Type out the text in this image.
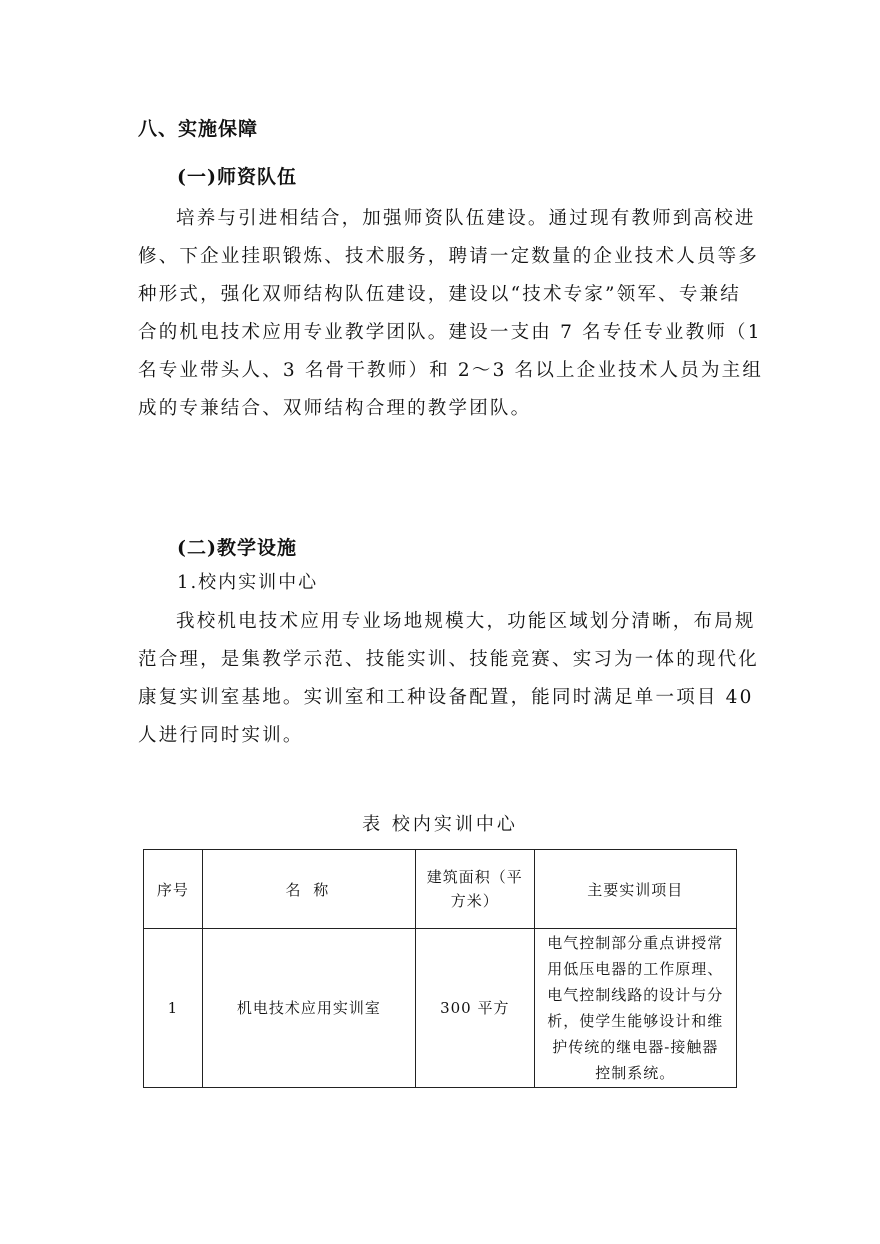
八、实施保障
(一)师资队伍

培养与引进相结合，加强师资队伍建设。通过现有教师到高校进

修、下企业挂职锻炼、技术服务，聘请一定数量的企业技术人员等多

种形式，强化双师结构队伍建设，建设以“技术专家”领军、专兼结

合的机电技术应用专业教学团队。建设一支由 7 名专任专业教师（1

名专业带头人、3 名骨干教师）和 2～3 名以上企业技术人员为主组

成的专兼结合、双师结构合理的教学团队。

(二)教学设施
1.校内实训中心

我校机电技术应用专业场地规模大，功能区域划分清晰，布局规

范合理，是集教学示范、技能实训、技能竞赛、实习为一体的现代化

康复实训室基地。实训室和工种设备配置，能同时满足单一项目 40

人进行同时实训。

表 校内实训中心
序号	名 称	建筑面积（平方米）	主要实训项目
1	机电技术应用实训室	300 平方	电气控制部分重点讲授常用低压电器的工作原理、电气控制线路的设计与分析，使学生能够设计和维护传统的继电器-接触器控制系统。
